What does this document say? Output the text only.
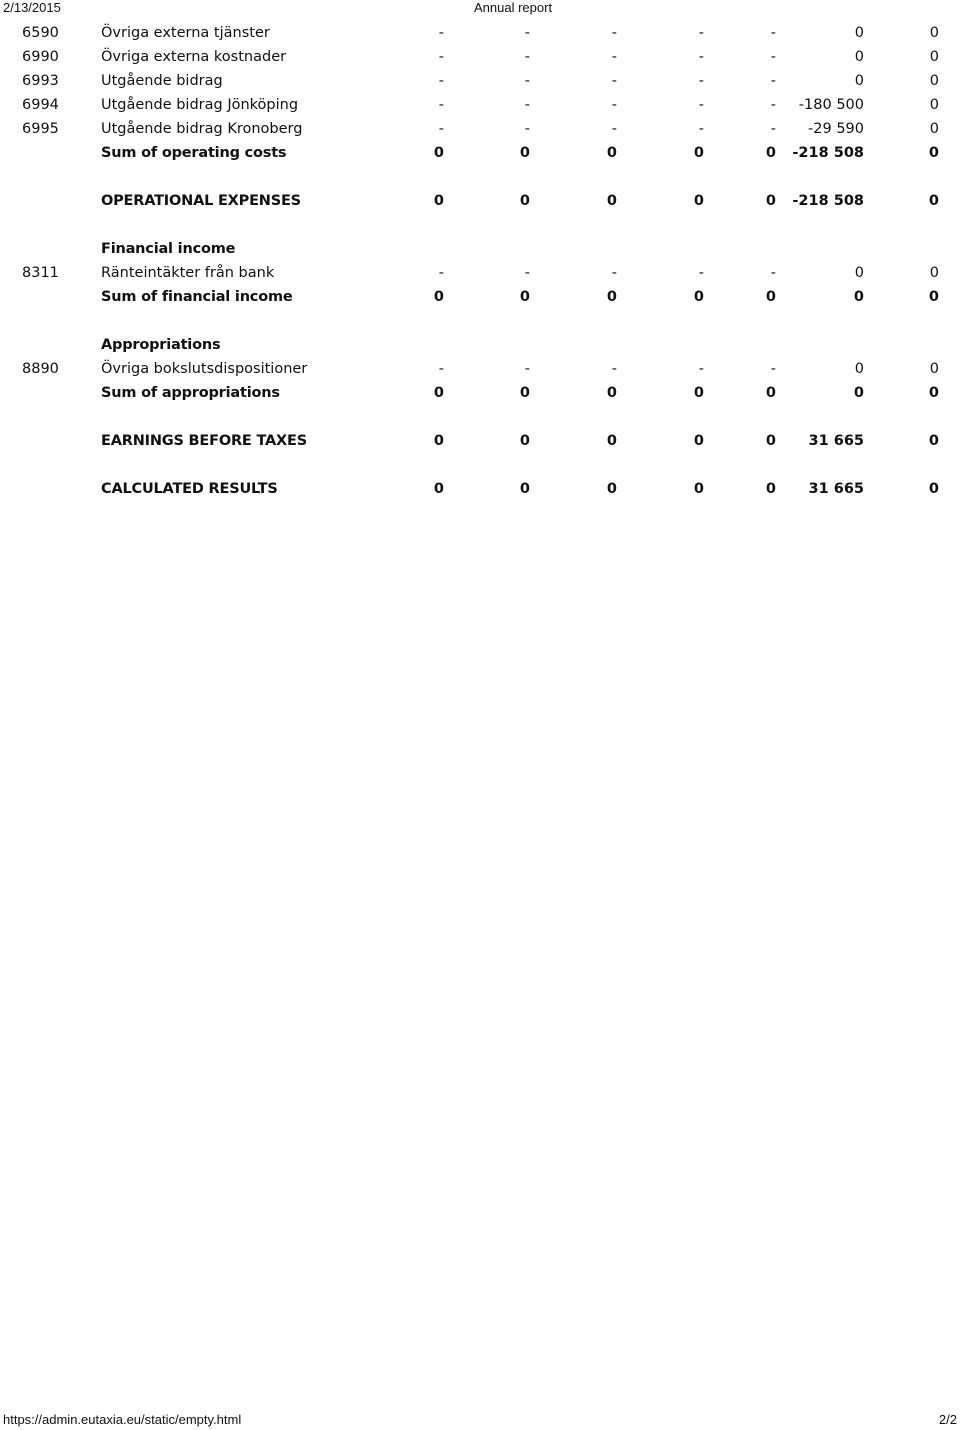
2/13/2015	Annual report
6590	Övriga externa tjänster	-	-	-	-	-	0	0
6990	Övriga externa kostnader	-	-	-	-	-	0	0
6993	Utgående bidrag	-	-	-	-	-	0	0
6994	Utgående bidrag Jönköping	-	-	-	-	-	-180 500	0
6995	Utgående bidrag Kronoberg	-	-	-	-	-	-29 590	0
Sum of operating costs	0	0	0	0	0	-218 508	0
OPERATIONAL EXPENSES	0	0	0	0	0	-218 508	0
Financial income
8311	Ränteintäkter från bank	-	-	-	-	-	0	0
Sum of financial income	0	0	0	0	0	0	0
Appropriations
8890	Övriga bokslutsdispositioner	-	-	-	-	-	0	0
Sum of appropriations	0	0	0	0	0	0	0
EARNINGS BEFORE TAXES	0	0	0	0	0	31 665	0
CALCULATED RESULTS	0	0	0	0	0	31 665	0
https://admin.eutaxia.eu/static/empty.html	2/2
